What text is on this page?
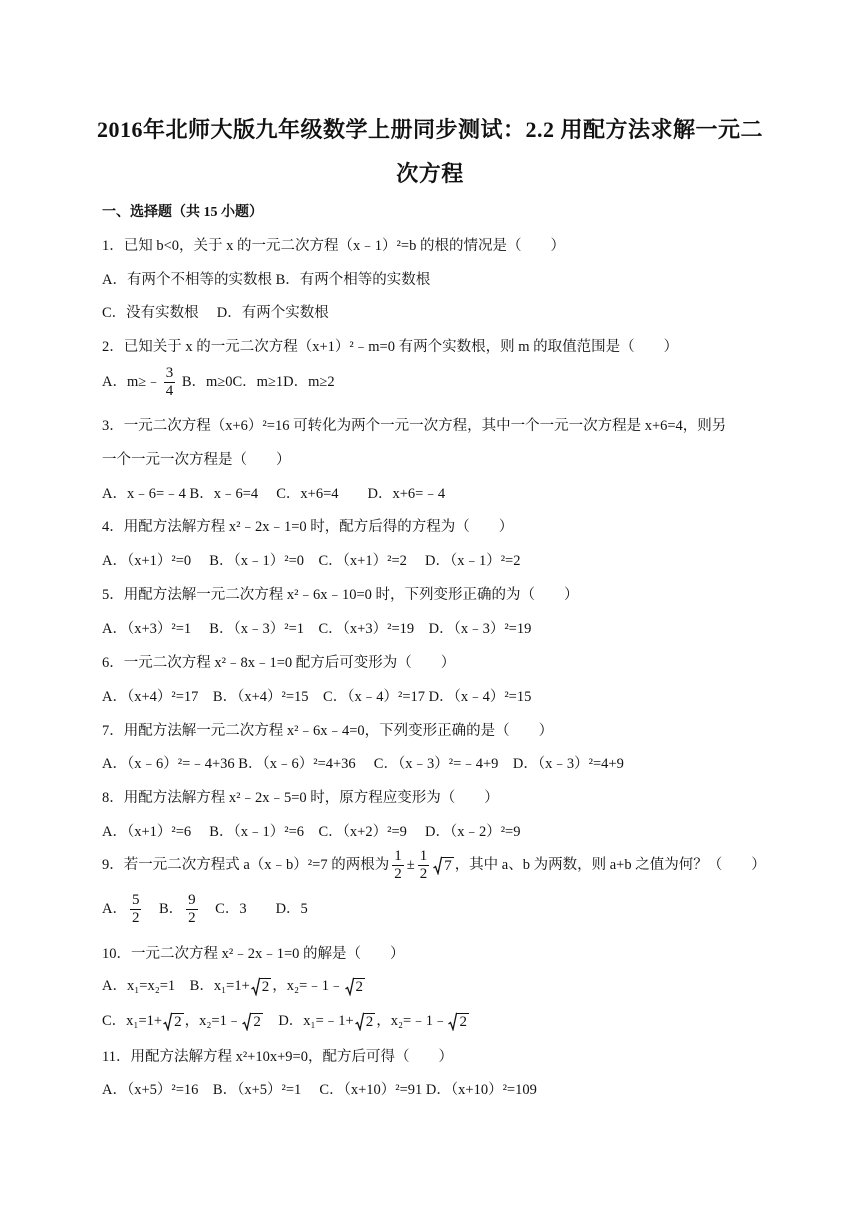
2016年北师大版九年级数学上册同步测试：2.2 用配方法求解一元二
次方程
一、选择题（共 15 小题）
1．已知 b<0，关于 x 的一元二次方程（x﹣1）²=b 的根的情况是（　　）
A．有两个不相等的实数根 B．有两个相等的实数根
C．没有实数根　 D．有两个实数根
2．已知关于 x 的一元二次方程（x+1）²﹣m=0 有两个实数根，则 m 的取值范围是（　　）
A．m≥﹣ $\frac{3}{4}$ B．m≥0C．m≥1D．m≥2
3．一元二次方程（x+6）²=16 可转化为两个一元一次方程，其中一个一元一次方程是 x+6=4，则另
一个一元一次方程是（　　）
A．x﹣6=﹣4 B．x﹣6=4　 C．x+6=4　　D．x+6=﹣4
4．用配方法解方程 x²﹣2x﹣1=0 时，配方后得的方程为（　　）
A．（x+1）²=0　 B．（x﹣1）²=0　C．（x+1）²=2　 D．（x﹣1）²=2
5．用配方法解一元二次方程 x²﹣6x﹣10=0 时，下列变形正确的为（　　）
A．（x+3）²=1　 B．（x﹣3）²=1　C．（x+3）²=19　D．（x﹣3）²=19
6．一元二次方程 x²﹣8x﹣1=0 配方后可变形为（　　）
A．（x+4）²=17　B．（x+4）²=15　C．（x﹣4）²=17 D．（x﹣4）²=15
7．用配方法解一元二次方程 x²﹣6x﹣4=0，下列变形正确的是（　　）
A．（x﹣6）²=﹣4+36 B．（x﹣6）²=4+36　 C．（x﹣3）²=﹣4+9　D．（x﹣3）²=4+9
8．用配方法解方程 x²﹣2x﹣5=0 时，原方程应变形为（　　）
A．（x+1）²=6　 B．（x﹣1）²=6　C．（x+2）²=9　 D．（x﹣2）²=9
9．若一元二次方程式 a（x﹣b）²=7 的两根为 $\frac{1}{2} \pm \frac{1}{2} 7$ ，其中 a、b 为两数，则 a+b 之值为何？（　　）
A． $\frac{5}{2}$
　 B． $\frac{9}{2}$
　 C．3　　D．5
10．一元二次方程 x²﹣2x﹣1=0 的解是（　　）
A．x₁=x₂=1　B．x₁=1+ 2 ，x₂=﹣1﹣ 2
C．x₁=1+ 2 ，x₂=1﹣ 2 　D．x₁=﹣1+ 2 ，x₂=﹣1﹣ 2
11．用配方法解方程 x²+10x+9=0，配方后可得（　　）
A．（x+5）²=16　B．（x+5）²=1　 C．（x+10）²=91 D．（x+10）²=109
